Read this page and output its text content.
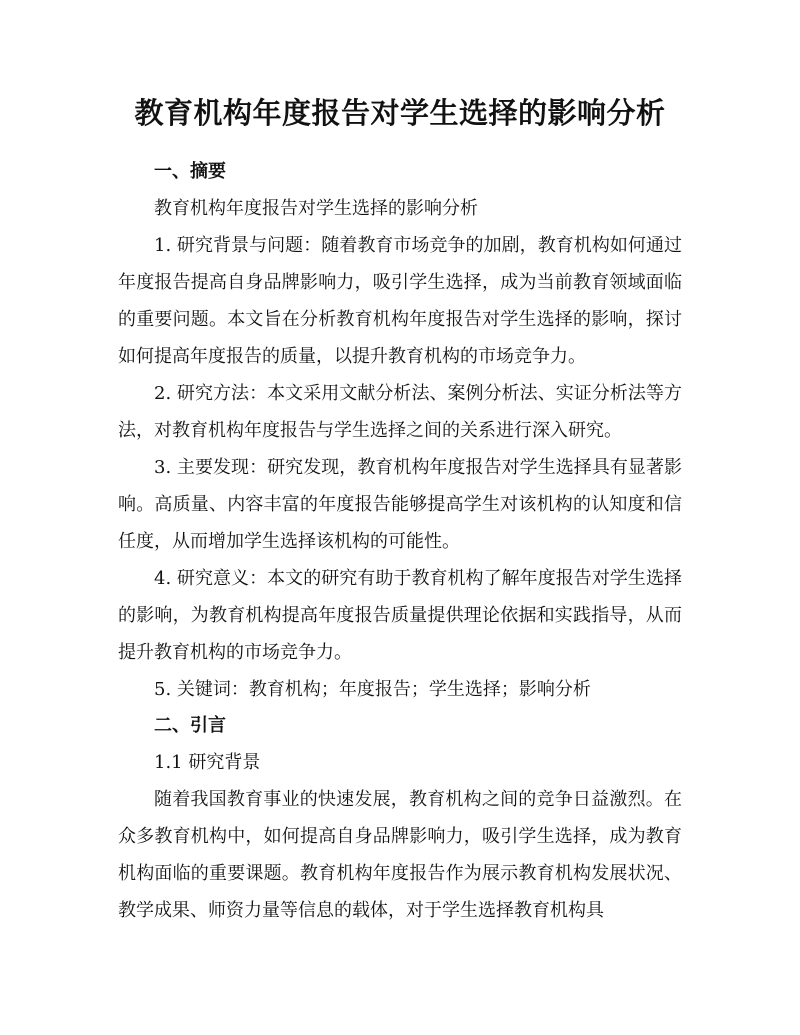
教育机构年度报告对学生选择的影响分析
一、摘要

教育机构年度报告对学生选择的影响分析

1. 研究背景与问题：随着教育市场竞争的加剧，教育机构如何通过年度报告提高自身品牌影响力，吸引学生选择，成为当前教育领域面临的重要问题。本文旨在分析教育机构年度报告对学生选择的影响，探讨如何提高年度报告的质量，以提升教育机构的市场竞争力。

2. 研究方法：本文采用文献分析法、案例分析法、实证分析法等方法，对教育机构年度报告与学生选择之间的关系进行深入研究。

3. 主要发现：研究发现，教育机构年度报告对学生选择具有显著影响。高质量、内容丰富的年度报告能够提高学生对该机构的认知度和信任度，从而增加学生选择该机构的可能性。

4. 研究意义：本文的研究有助于教育机构了解年度报告对学生选择的影响，为教育机构提高年度报告质量提供理论依据和实践指导，从而提升教育机构的市场竞争力。

5. 关键词：教育机构；年度报告；学生选择；影响分析

二、引言

1.1 研究背景

随着我国教育事业的快速发展，教育机构之间的竞争日益激烈。在众多教育机构中，如何提高自身品牌影响力，吸引学生选择，成为教育机构面临的重要课题。教育机构年度报告作为展示教育机构发展状况、教学成果、师资力量等信息的载体，对于学生选择教育机构具
